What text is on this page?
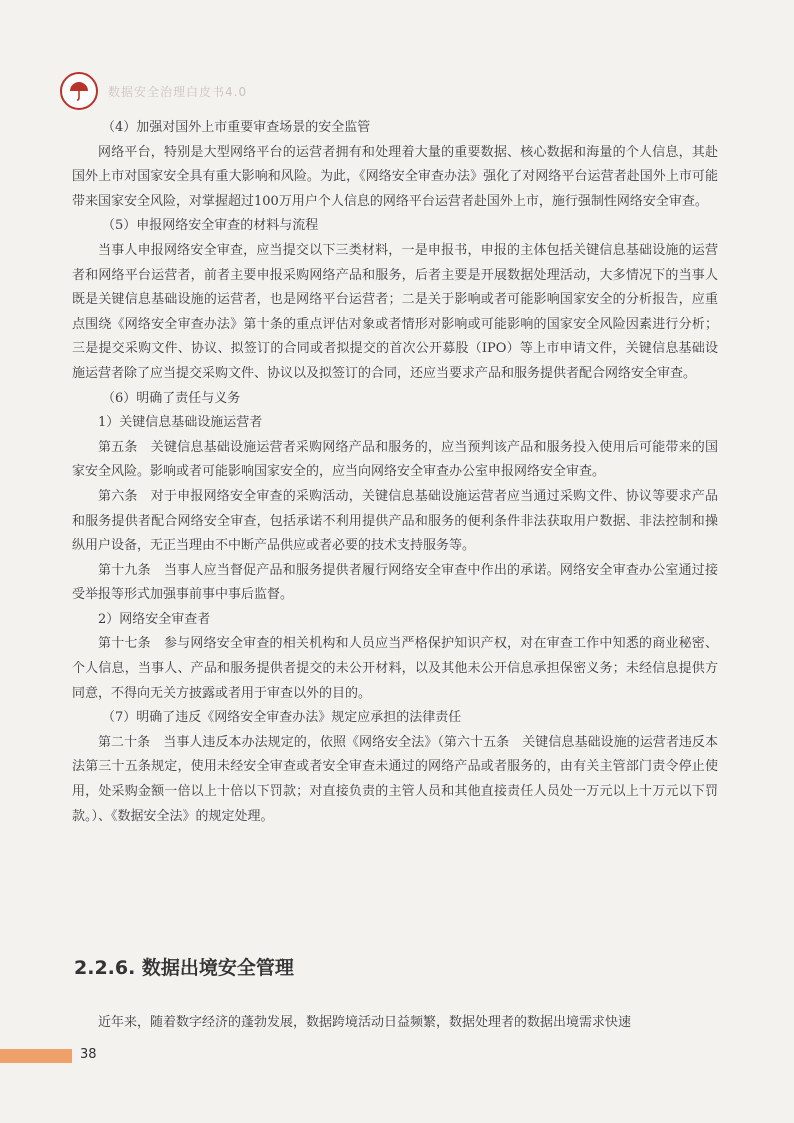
数据安全治理白皮书4.0

（4）加强对国外上市重要审查场景的安全监管

网络平台，特别是大型网络平台的运营者拥有和处理着大量的重要数据、核心数据和海量的个人信息，其赴国外上市对国家安全具有重大影响和风险。为此，《网络安全审查办法》强化了对网络平台运营者赴国外上市可能带来国家安全风险，对掌握超过100万用户个人信息的网络平台运营者赴国外上市，施行强制性网络安全审查。

（5）申报网络安全审查的材料与流程

当事人申报网络安全审查，应当提交以下三类材料，一是申报书，申报的主体包括关键信息基础设施的运营者和网络平台运营者，前者主要申报采购网络产品和服务，后者主要是开展数据处理活动，大多情况下的当事人既是关键信息基础设施的运营者，也是网络平台运营者；二是关于影响或者可能影响国家安全的分析报告，应重点围绕《网络安全审查办法》第十条的重点评估对象或者情形对影响或可能影响的国家安全风险因素进行分析；三是提交采购文件、协议、拟签订的合同或者拟提交的首次公开募股（IPO）等上市申请文件，关键信息基础设施运营者除了应当提交采购文件、协议以及拟签订的合同，还应当要求产品和服务提供者配合网络安全审查。

（6）明确了责任与义务

1）关键信息基础设施运营者

第五条　关键信息基础设施运营者采购网络产品和服务的，应当预判该产品和服务投入使用后可能带来的国家安全风险。影响或者可能影响国家安全的，应当向网络安全审查办公室申报网络安全审查。

第六条　对于申报网络安全审查的采购活动，关键信息基础设施运营者应当通过采购文件、协议等要求产品和服务提供者配合网络安全审查，包括承诺不利用提供产品和服务的便利条件非法获取用户数据、非法控制和操纵用户设备，无正当理由不中断产品供应或者必要的技术支持服务等。

第十九条　当事人应当督促产品和服务提供者履行网络安全审查中作出的承诺。网络安全审查办公室通过接受举报等形式加强事前事中事后监督。

2）网络安全审查者

第十七条　参与网络安全审查的相关机构和人员应当严格保护知识产权，对在审查工作中知悉的商业秘密、个人信息，当事人、产品和服务提供者提交的未公开材料，以及其他未公开信息承担保密义务；未经信息提供方同意，不得向无关方披露或者用于审查以外的目的。

（7）明确了违反《网络安全审查办法》规定应承担的法律责任

第二十条　当事人违反本办法规定的，依照《网络安全法》（第六十五条　关键信息基础设施的运营者违反本法第三十五条规定，使用未经安全审查或者安全审查未通过的网络产品或者服务的，由有关主管部门责令停止使用，处采购金额一倍以上十倍以下罚款；对直接负责的主管人员和其他直接责任人员处一万元以上十万元以下罚款。）、《数据安全法》的规定处理。

2.2.6. 数据出境安全管理

近年来，随着数字经济的蓬勃发展，数据跨境活动日益频繁，数据处理者的数据出境需求快速

38
